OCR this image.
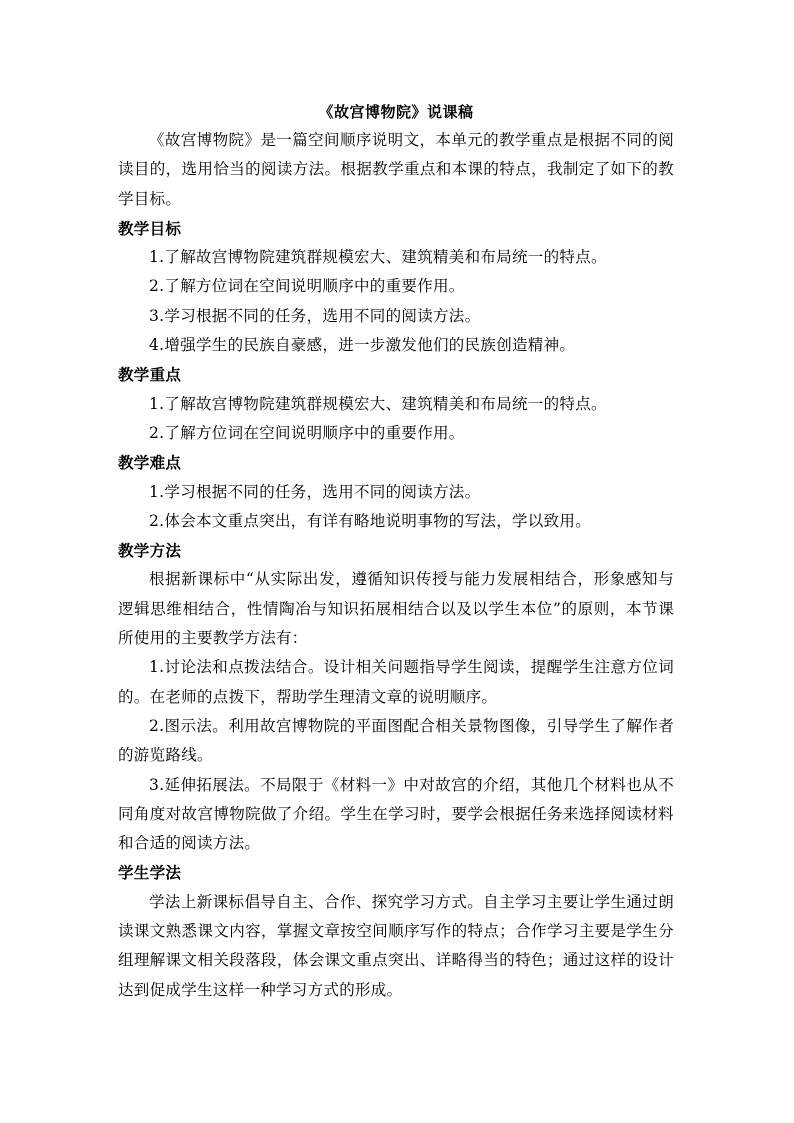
《故宫博物院》说课稿

《故宫博物院》是一篇空间顺序说明文，本单元的教学重点是根据不同的阅读目的，选用恰当的阅读方法。根据教学重点和本课的特点，我制定了如下的教学目标。

教学目标

1.了解故宫博物院建筑群规模宏大、建筑精美和布局统一的特点。

2.了解方位词在空间说明顺序中的重要作用。

3.学习根据不同的任务，选用不同的阅读方法。

4.增强学生的民族自豪感，进一步激发他们的民族创造精神。

教学重点

1.了解故宫博物院建筑群规模宏大、建筑精美和布局统一的特点。

2.了解方位词在空间说明顺序中的重要作用。

教学难点

1.学习根据不同的任务，选用不同的阅读方法。

2.体会本文重点突出，有详有略地说明事物的写法，学以致用。

教学方法

根据新课标中“从实际出发，遵循知识传授与能力发展相结合，形象感知与逻辑思维相结合，性情陶冶与知识拓展相结合以及以学生本位”的原则，本节课所使用的主要教学方法有：

1.讨论法和点拨法结合。设计相关问题指导学生阅读，提醒学生注意方位词的。在老师的点拨下，帮助学生理清文章的说明顺序。

2.图示法。利用故宫博物院的平面图配合相关景物图像，引导学生了解作者的游览路线。

3.延伸拓展法。不局限于《材料一》中对故宫的介绍，其他几个材料也从不同角度对故宫博物院做了介绍。学生在学习时，要学会根据任务来选择阅读材料和合适的阅读方法。

学生学法

学法上新课标倡导自主、合作、探究学习方式。自主学习主要让学生通过朗读课文熟悉课文内容，掌握文章按空间顺序写作的特点；合作学习主要是学生分组理解课文相关段落段，体会课文重点突出、详略得当的特色；通过这样的设计达到促成学生这样一种学习方式的形成。
